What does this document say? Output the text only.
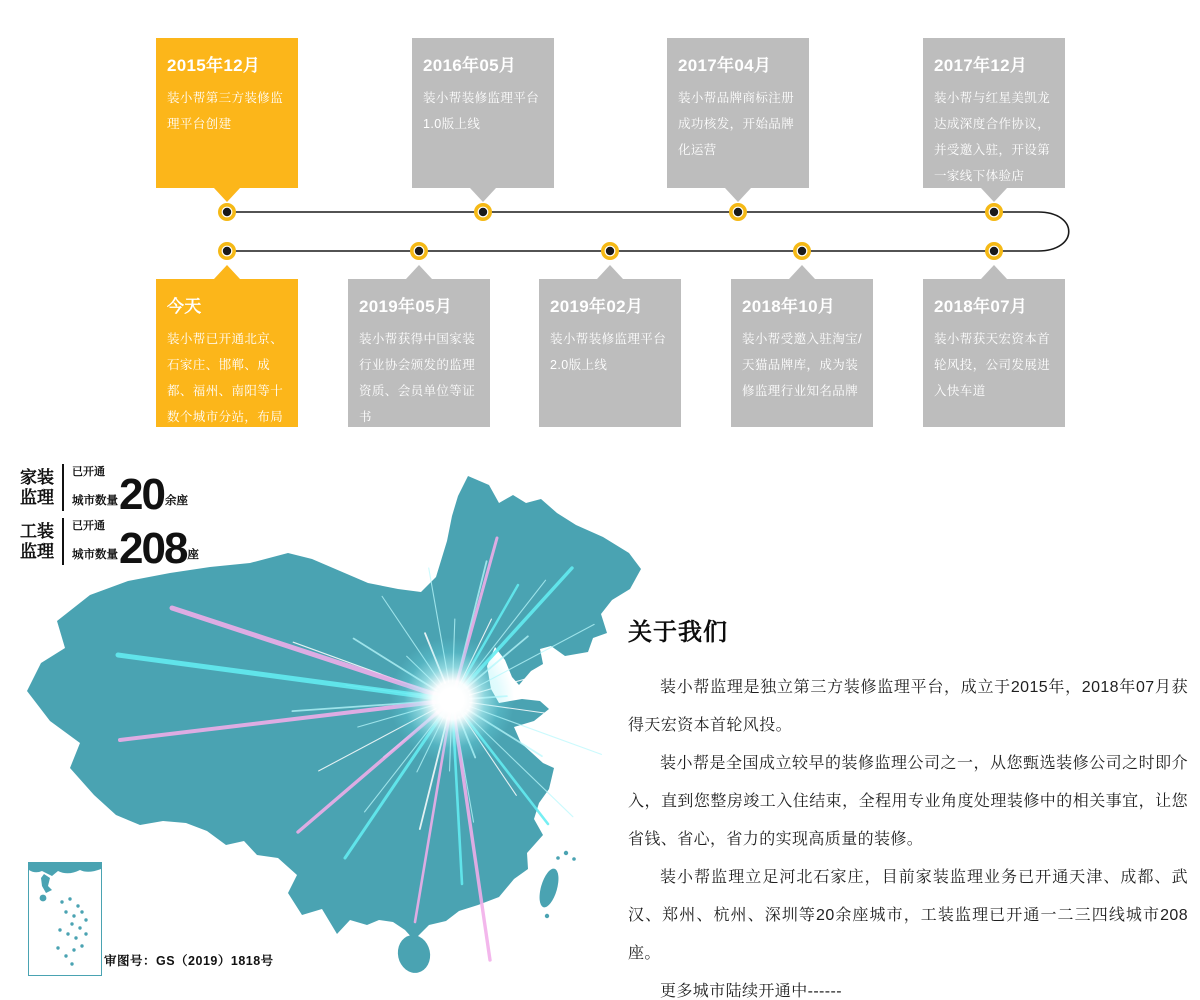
2015年12月
装小帮第三方装修监理平台创建
2016年05月
装小帮装修监理平台1.0版上线
2017年04月
装小帮品牌商标注册成功核发，开始品牌化运营
2017年12月
装小帮与红星美凯龙达成深度合作协议，并受邀入驻，开设第一家线下体验店
今天
装小帮已开通北京、石家庄、邯郸、成都、福州、南阳等十数个城市分站，布局全国
2019年05月
装小帮获得中国家装行业协会颁发的监理资质、会员单位等证书
2019年02月
装小帮装修监理平台2.0版上线
2018年10月
装小帮受邀入驻淘宝/天猫品牌库，成为装修监理行业知名品牌
2018年07月
装小帮获天宏资本首轮风投，公司发展进入快车道
家装
监理
已开通
城市数量 20 余座
工装
监理
已开通
城市数量 208 座
审图号：GS（2019）1818号
关于我们

装小帮监理是独立第三方装修监理平台，成立于2015年，2018年07月获得天宏资本首轮风投。

装小帮是全国成立较早的装修监理公司之一，从您甄选装修公司之时即介入，直到您整房竣工入住结束，全程用专业角度处理装修中的相关事宜，让您省钱、省心，省力的实现高质量的装修。

装小帮监理立足河北石家庄，目前家装监理业务已开通天津、成都、武汉、郑州、杭州、深圳等20余座城市，工装监理已开通一二三四线城市208座。

更多城市陆续开通中------
